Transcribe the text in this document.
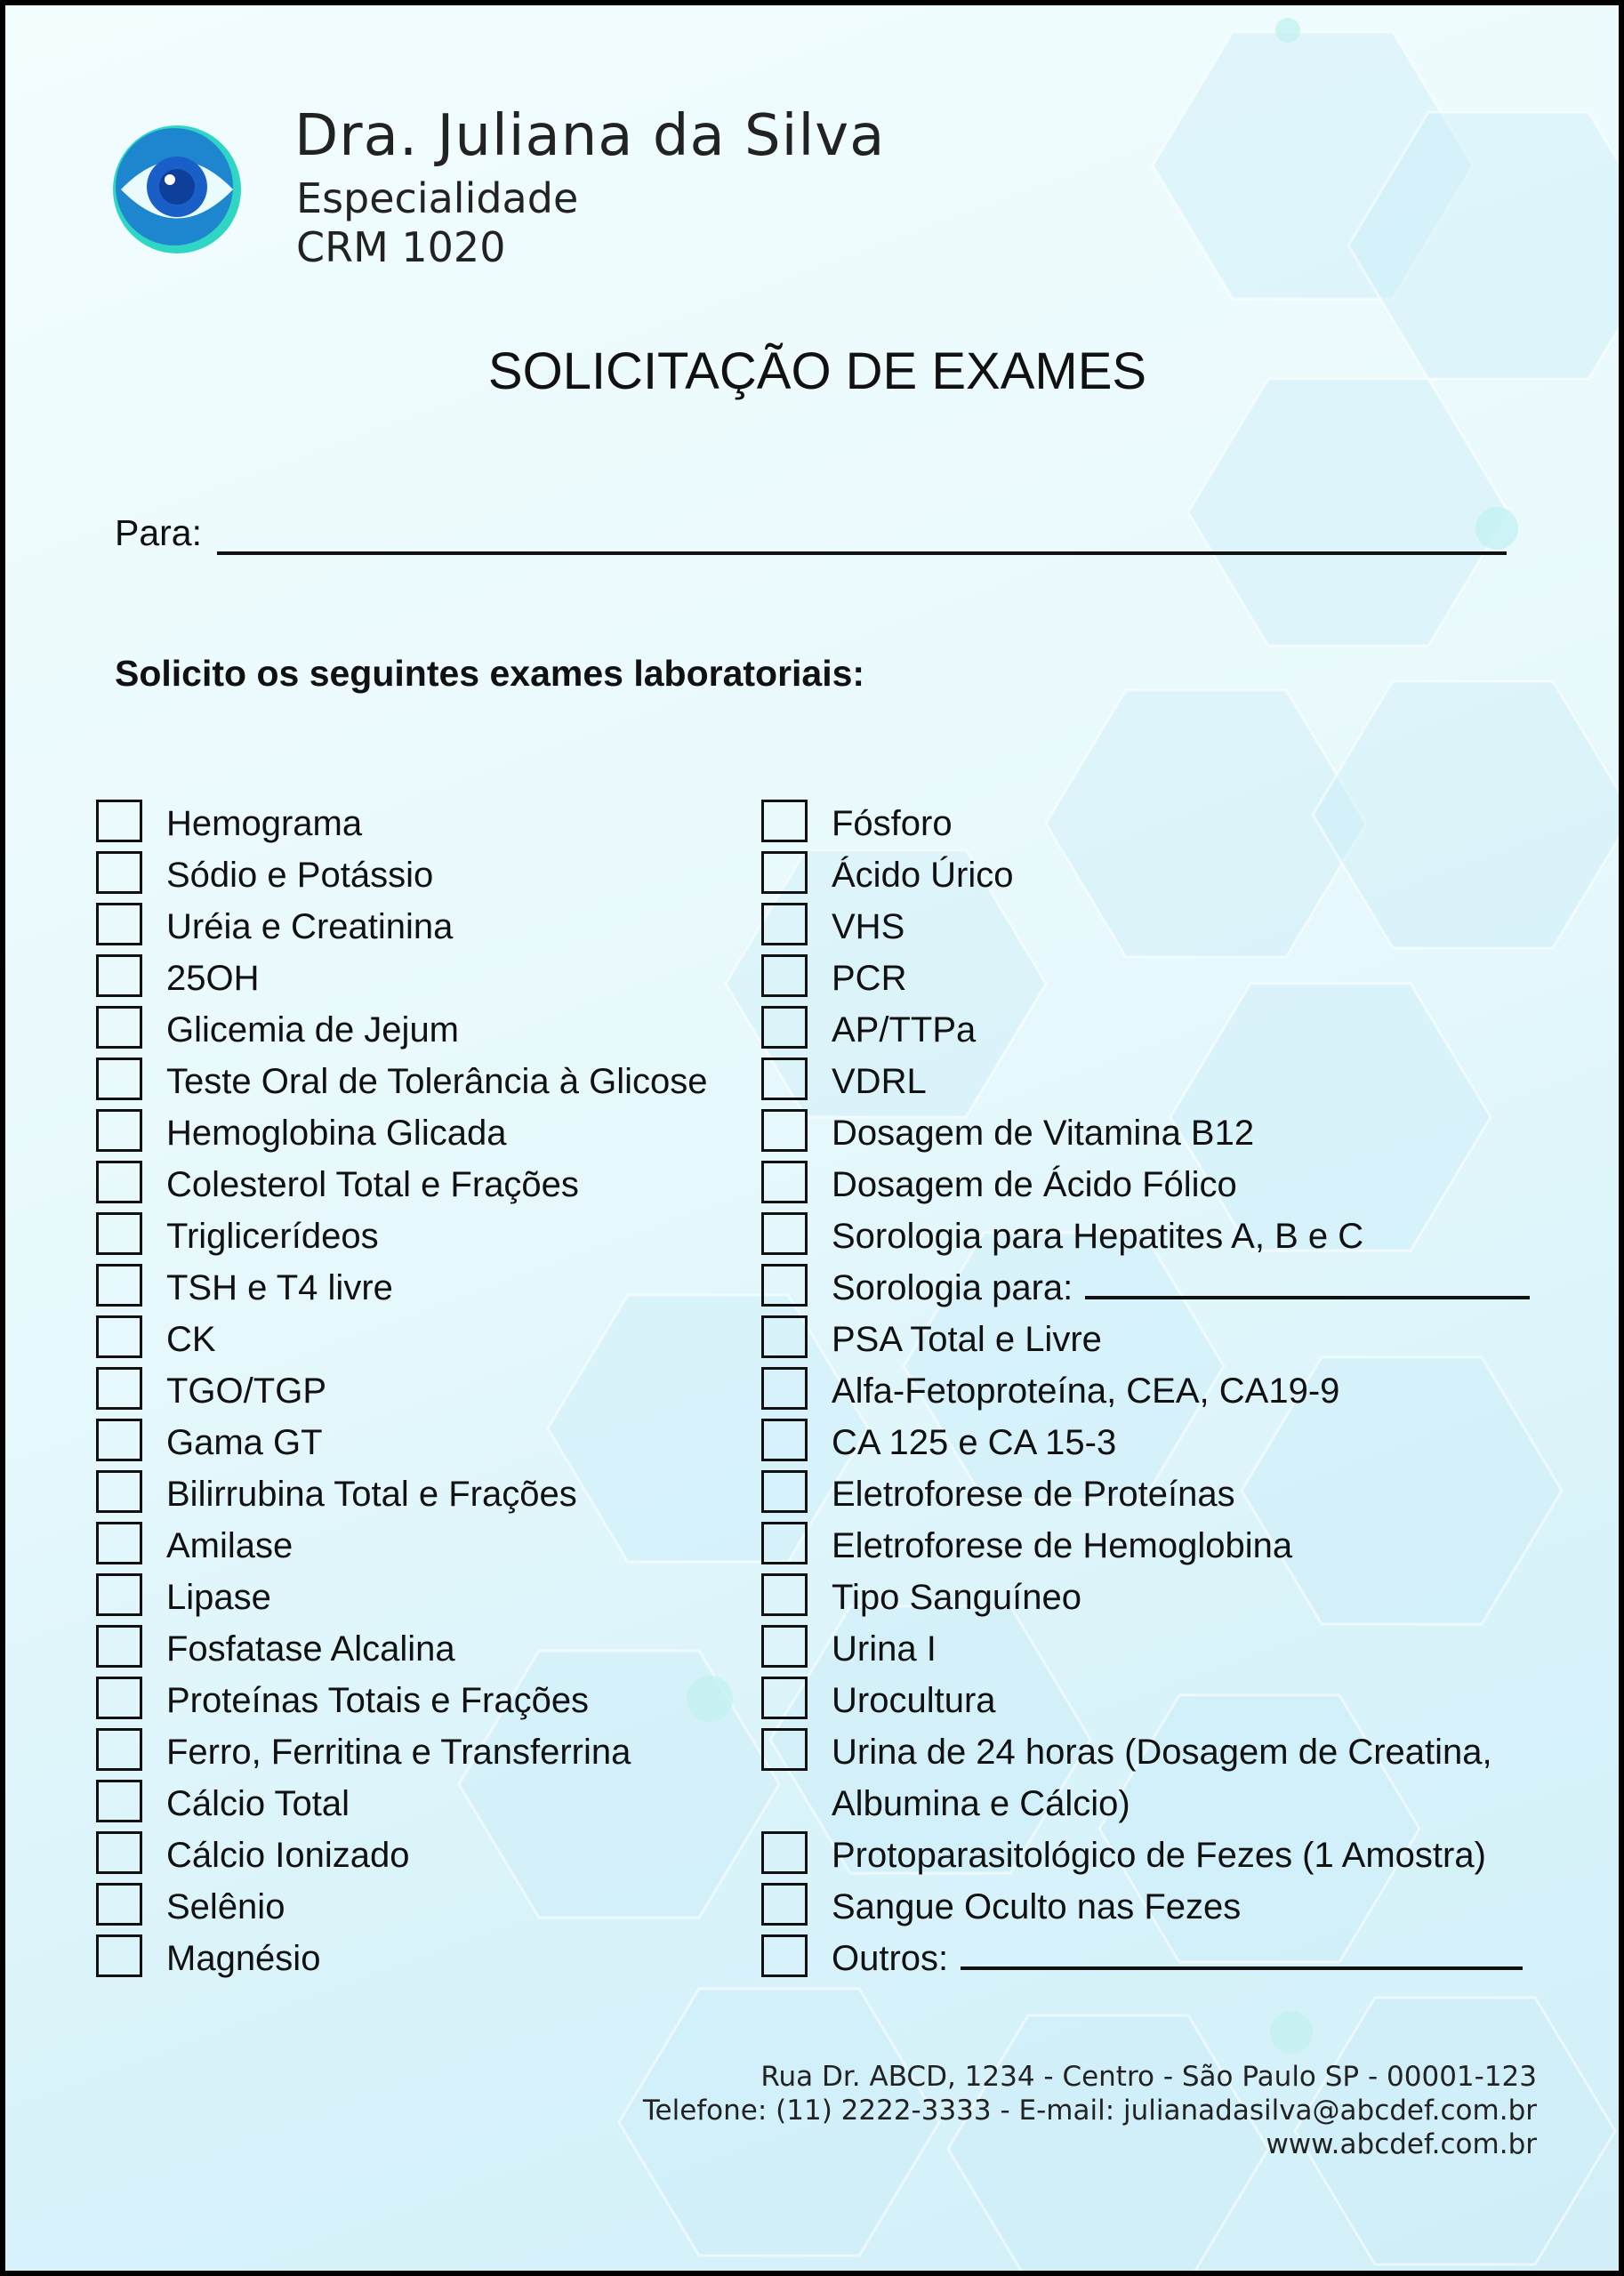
Dra. Juliana da Silva
Especialidade
CRM 1020
SOLICITAÇÃO DE EXAMES
Para:
Solicito os seguintes exames laboratoriais:
Hemograma
Sódio e Potássio
Uréia e Creatinina
25OH
Glicemia de Jejum
Teste Oral de Tolerância à Glicose
Hemoglobina Glicada
Colesterol Total e Frações
Triglicerídeos
TSH e T4 livre
CK
TGO/TGP
Gama GT
Bilirrubina Total e Frações
Amilase
Lipase
Fosfatase Alcalina
Proteínas Totais e Frações
Ferro, Ferritina e Transferrina
Cálcio Total
Cálcio Ionizado
Selênio
Magnésio
Fósforo
Ácido Úrico
VHS
PCR
AP/TTPa
VDRL
Dosagem de Vitamina B12
Dosagem de Ácido Fólico
Sorologia para Hepatites A, B e C
Sorologia para:
PSA Total e Livre
Alfa-Fetoproteína, CEA, CA19-9
CA 125 e CA 15-3
Eletroforese de Proteínas
Eletroforese de Hemoglobina
Tipo Sanguíneo
Urina I
Urocultura
Urina de 24 horas (Dosagem de Creatina,
Albumina e Cálcio)
Protoparasitológico de Fezes (1 Amostra)
Sangue Oculto nas Fezes
Outros:
Rua Dr. ABCD, 1234 - Centro - São Paulo SP - 00001-123
Telefone: (11) 2222-3333 - E-mail: julianadasilva@abcdef.com.br
www.abcdef.com.br
